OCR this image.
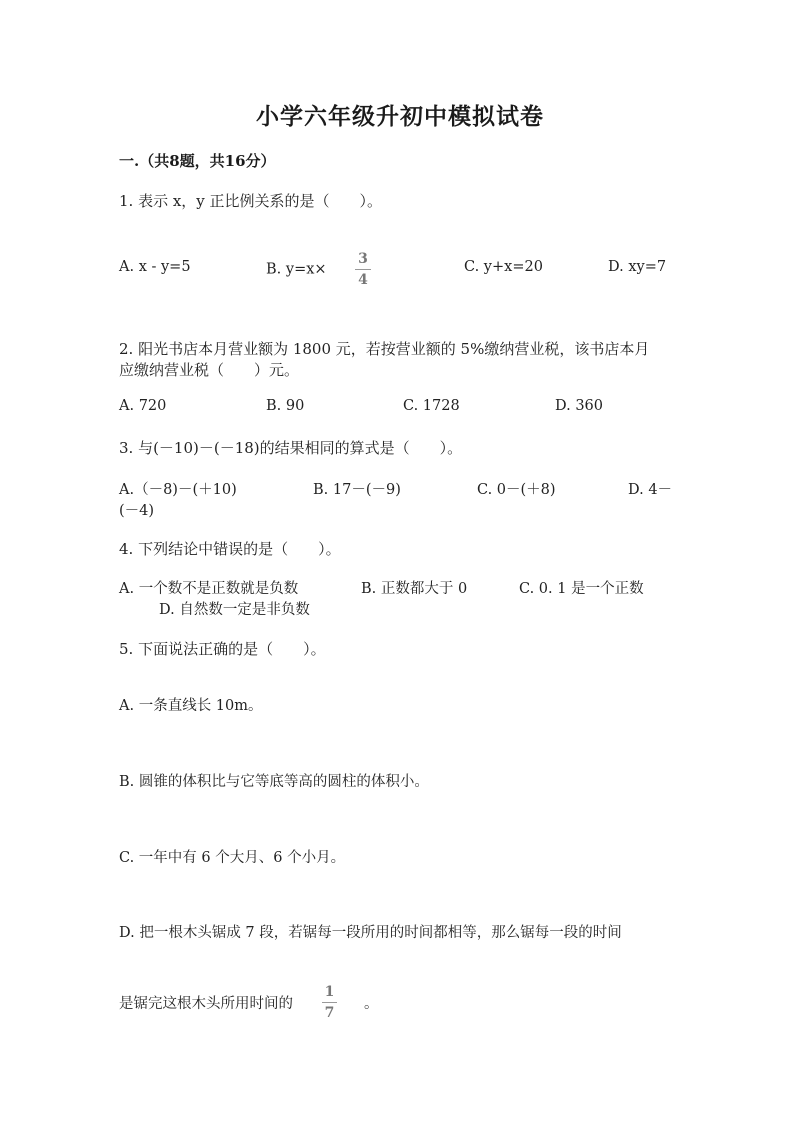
小学六年级升初中模拟试卷
一.（共8题，共16分）
1. 表示 x，y 正比例关系的是（　　）。
A. x - y=5	B. $y=x\times \frac{3}{4}$	C. y+x=20	D. xy=7
2. 阳光书店本月营业额为 1800 元，若按营业额的 5%缴纳营业税，该书店本月
应缴纳营业税（　　）元。
A. 720	B. 90	C. 1728	D. 360
3. 与(－10)－(－18)的结果相同的算式是（　　）。
A.（－8)－(＋10)	B. 17－(－9)	C. 0－(＋8)	D. 4－
(－4)
4. 下列结论中错误的是（　　）。
A. 一个数不是正数就是负数	B. 正数都大于 0	C. 0. 1 是一个正数
D. 自然数一定是非负数
5. 下面说法正确的是（　　）。
A. 一条直线长 10m。
B. 圆锥的体积比与它等底等高的圆柱的体积小。
C. 一年中有 6 个大月、6 个小月。
D. 把一根木头锯成 7 段，若锯每一段所用的时间都相等，那么锯每一段的时间
是锯完这根木头所用时间的 $\frac{1}{7}$ 。
